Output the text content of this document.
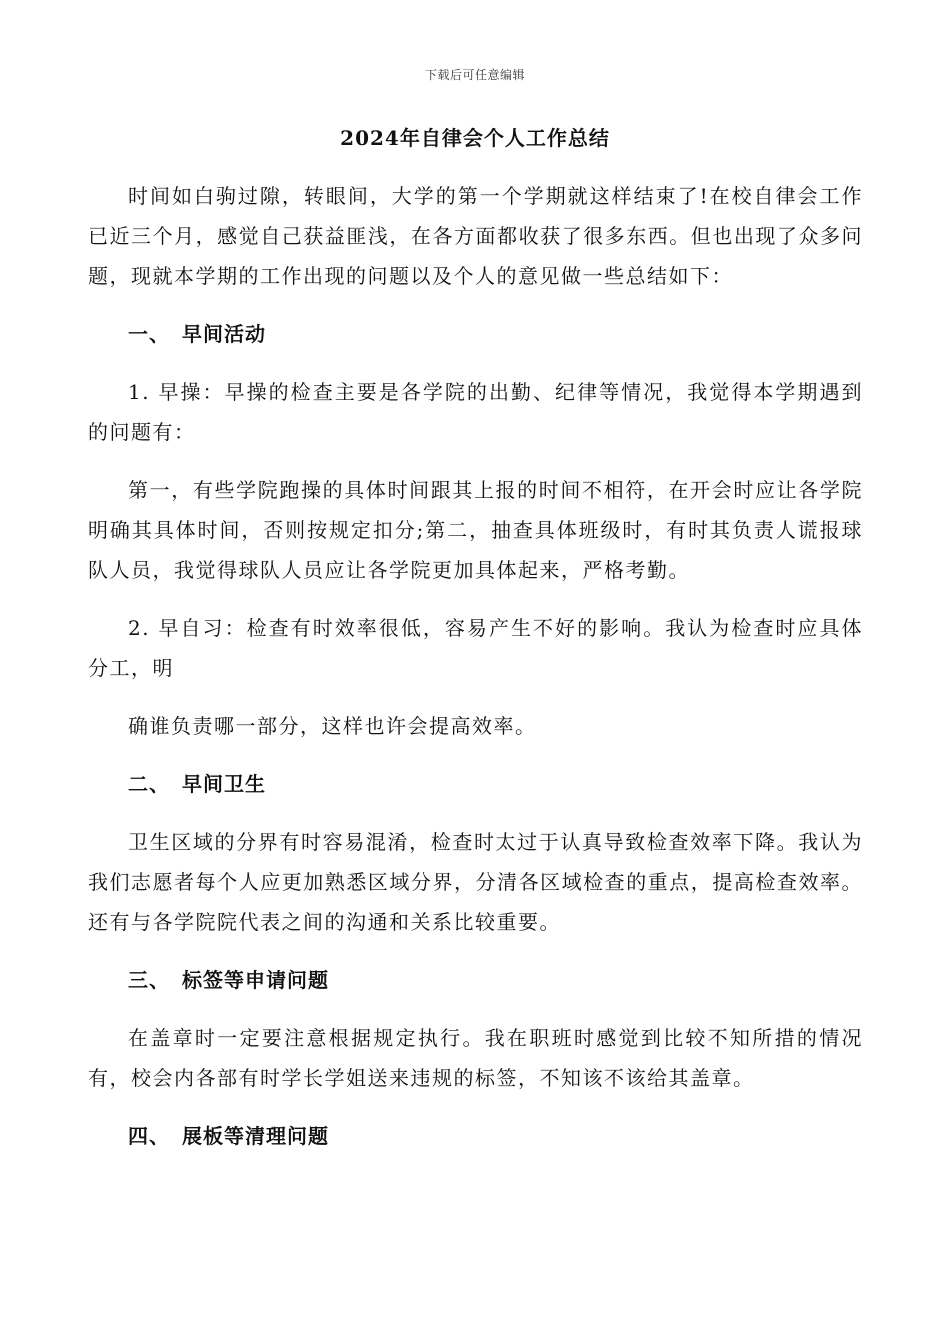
下载后可任意编辑
2024年自律会个人工作总结

时间如白驹过隙，转眼间，大学的第一个学期就这样结束了!在校自律会工作已近三个月，感觉自己获益匪浅，在各方面都收获了很多东西。但也出现了众多问题，现就本学期的工作出现的问题以及个人的意见做一些总结如下：

一、 早间活动

1. 早操：早操的检查主要是各学院的出勤、纪律等情况，我觉得本学期遇到的问题有：

第一，有些学院跑操的具体时间跟其上报的时间不相符，在开会时应让各学院明确其具体时间，否则按规定扣分;第二，抽查具体班级时，有时其负责人谎报球队人员，我觉得球队人员应让各学院更加具体起来，严格考勤。

2. 早自习：检查有时效率很低，容易产生不好的影响。我认为检查时应具体分工，明

确谁负责哪一部分，这样也许会提高效率。

二、 早间卫生

卫生区域的分界有时容易混淆，检查时太过于认真导致检查效率下降。我认为我们志愿者每个人应更加熟悉区域分界，分清各区域检查的重点，提高检查效率。还有与各学院院代表之间的沟通和关系比较重要。

三、 标签等申请问题

在盖章时一定要注意根据规定执行。我在职班时感觉到比较不知所措的情况有，校会内各部有时学长学姐送来违规的标签，不知该不该给其盖章。

四、 展板等清理问题
